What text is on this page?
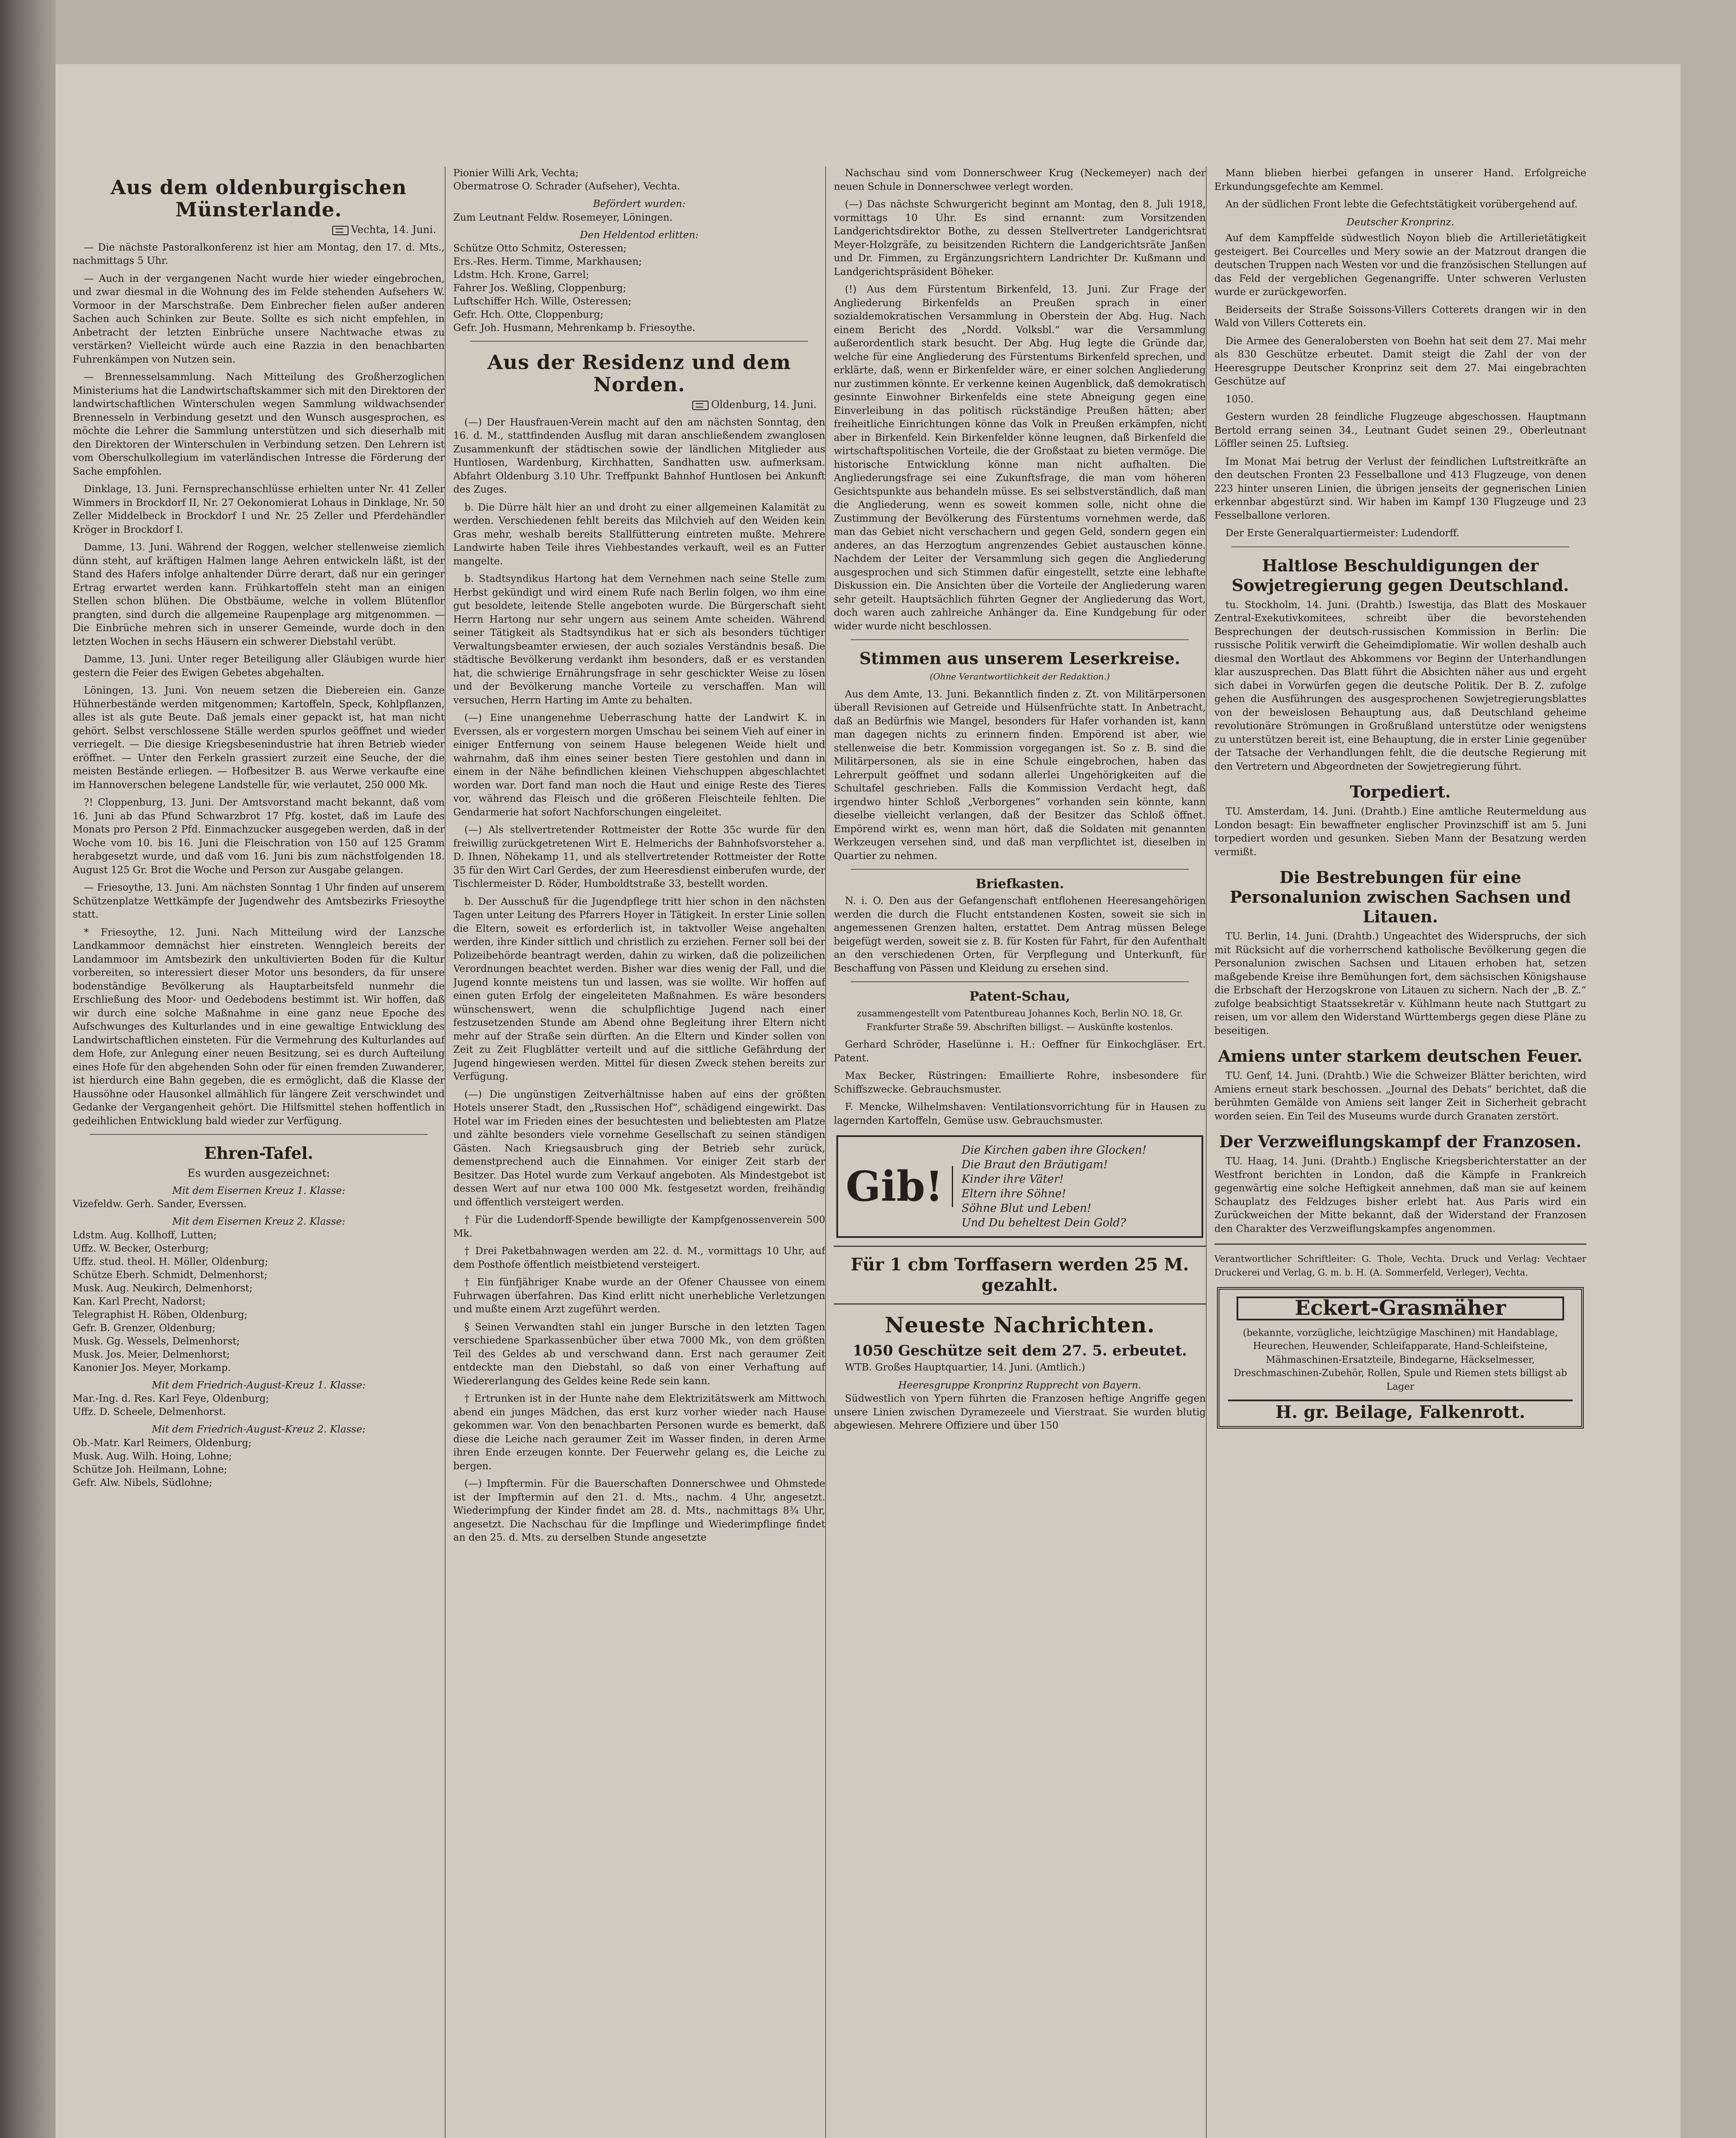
Aus dem oldenburgischen Münsterlande.
Vechta, 14. Juni.

— Die nächste Pastoralkonferenz ist hier am Montag, den 17. d. Mts., nachmittags 5 Uhr.

— Auch in der vergangenen Nacht wurde hier wieder eingebrochen, und zwar diesmal in die Wohnung des im Felde stehenden Aufsehers W. Vormoor in der Marschstraße. Dem Einbrecher fielen außer anderen Sachen auch Schinken zur Beute. Sollte es sich nicht empfehlen, in Anbetracht der letzten Einbrüche unsere Nachtwache etwas zu verstärken? Vielleicht würde auch eine Razzia in den benachbarten Fuhrenkämpen von Nutzen sein.

— Brennesselsammlung. Nach Mitteilung des Großherzoglichen Ministeriums hat die Landwirtschaftskammer sich mit den Direktoren der landwirtschaftlichen Winterschulen wegen Sammlung wildwachsender Brennesseln in Verbindung gesetzt und den Wunsch ausgesprochen, es möchte die Lehrer die Sammlung unterstützen und sich dieserhalb mit den Direktoren der Winterschulen in Verbindung setzen. Den Lehrern ist vom Oberschulkollegium im vaterländischen Intresse die Förderung der Sache empfohlen.

Dinklage, 13. Juni. Fernsprechanschlüsse erhielten unter Nr. 41 Zeller Wimmers in Brockdorf II, Nr. 27 Oekonomierat Lohaus in Dinklage, Nr. 50 Zeller Middelbeck in Brockdorf I und Nr. 25 Zeller und Pferdehändler Kröger in Brockdorf I.

Damme, 13. Juni. Während der Roggen, welcher stellenweise ziemlich dünn steht, auf kräftigen Halmen lange Aehren entwickeln läßt, ist der Stand des Hafers infolge anhaltender Dürre derart, daß nur ein geringer Ertrag erwartet werden kann. Frühkartoffeln steht man an einigen Stellen schon blühen. Die Obstbäume, welche in vollem Blütenflor prangten, sind durch die allgemeine Raupenplage arg mitgenommen. — Die Einbrüche mehren sich in unserer Gemeinde, wurde doch in den letzten Wochen in sechs Häusern ein schwerer Diebstahl verübt.

Damme, 13. Juni. Unter reger Beteiligung aller Gläubigen wurde hier gestern die Feier des Ewigen Gebetes abgehalten.

Löningen, 13. Juni. Von neuem setzen die Diebereien ein. Ganze Hühnerbestände werden mitgenommen; Kartoffeln, Speck, Kohlpflanzen, alles ist als gute Beute. Daß jemals einer gepackt ist, hat man nicht gehört. Selbst verschlossene Ställe werden spurlos geöffnet und wieder verriegelt. — Die diesige Kriegsbesenindustrie hat ihren Betrieb wieder eröffnet. — Unter den Ferkeln grassiert zurzeit eine Seuche, der die meisten Bestände erliegen. — Hofbesitzer B. aus Werwe verkaufte eine im Hannoverschen belegene Landstelle für, wie verlautet, 250 000 Mk.

?! Cloppenburg, 13. Juni. Der Amtsvorstand macht bekannt, daß vom 16. Juni ab das Pfund Schwarzbrot 17 Pfg. kostet, daß im Laufe des Monats pro Person 2 Pfd. Einmachzucker ausgegeben werden, daß in der Woche vom 10. bis 16. Juni die Fleischration von 150 auf 125 Gramm herabgesetzt wurde, und daß vom 16. Juni bis zum nächstfolgenden 18. August 125 Gr. Brot die Woche und Person zur Ausgabe gelangen.

— Friesoythe, 13. Juni. Am nächsten Sonntag 1 Uhr finden auf unserem Schützenplatze Wettkämpfe der Jugendwehr des Amtsbezirks Friesoythe statt.

* Friesoythe, 12. Juni. Nach Mitteilung wird der Lanzsche Landkammoor demnächst hier einstreten. Wenngleich bereits der Landammoor im Amtsbezirk den unkultivierten Boden für die Kultur vorbereiten, so interessiert dieser Motor uns besonders, da für unsere bodenständige Bevölkerung als Hauptarbeitsfeld nunmehr die Erschließung des Moor- und Oedebodens bestimmt ist. Wir hoffen, daß wir durch eine solche Maßnahme in eine ganz neue Epoche des Aufschwunges des Kulturlandes und in eine gewaltige Entwicklung des Landwirtschaftlichen einsteten. Für die Vermehrung des Kulturlandes auf dem Hofe, zur Anlegung einer neuen Besitzung, sei es durch Aufteilung eines Hofe für den abgehenden Sohn oder für einen fremden Zuwanderer, ist hierdurch eine Bahn gegeben, die es ermöglicht, daß die Klasse der Haussöhne oder Hausonkel allmählich für längere Zeit verschwindet und Gedanke der Vergangenheit gehört. Die Hilfsmittel stehen hoffentlich in gedeihlichen Entwicklung bald wieder zur Verfügung.

Ehren-Tafel.
Es wurden ausgezeichnet:
Mit dem Eisernen Kreuz 1. Klasse:
Vizefeldw. Gerh. Sander, Everssen.
Mit dem Eisernen Kreuz 2. Klasse:
Ldstm. Aug. Kollhoff, Lutten;
Uffz. W. Becker, Osterburg;
Uffz. stud. theol. H. Möller, Oldenburg;
Schütze Eberh. Schmidt, Delmenhorst;
Musk. Aug. Neukirch, Delmenhorst;
Kan. Karl Precht, Nadorst;
Telegraphist H. Röben, Oldenburg;
Gefr. B. Grenzer, Oldenburg;
Musk. Gg. Wessels, Delmenhorst;
Musk. Jos. Meier, Delmenhorst;
Kanonier Jos. Meyer, Morkamp.
Mit dem Friedrich-August-Kreuz 1. Klasse:
Mar.-Ing. d. Res. Karl Feye, Oldenburg;
Uffz. D. Scheele, Delmenhorst.
Mit dem Friedrich-August-Kreuz 2. Klasse:
Ob.-Matr. Karl Reimers, Oldenburg;
Musk. Aug. Wilh. Hoing, Lohne;
Schütze Joh. Heilmann, Lohne;
Gefr. Alw. Nibels, Südlohne;
Pionier Willi Ark, Vechta;
Obermatrose O. Schrader (Aufseher), Vechta.
Befördert wurden:
Zum Leutnant Feldw. Rosemeyer, Löningen.
Den Heldentod erlitten:
Schütze Otto Schmitz, Osteressen;
Ers.-Res. Herm. Timme, Markhausen;
Ldstm. Hch. Krone, Garrel;
Fahrer Jos. Weßling, Cloppenburg;
Luftschiffer Hch. Wille, Osteressen;
Gefr. Hch. Otte, Cloppenburg;
Gefr. Joh. Husmann, Mehrenkamp b. Friesoythe.
Aus der Residenz und dem Norden.
Oldenburg, 14. Juni.

(—) Der Hausfrauen-Verein macht auf den am nächsten Sonntag, den 16. d. M., stattfindenden Ausflug mit daran anschließendem zwanglosen Zusammenkunft der städtischen sowie der ländlichen Mitglieder aus Huntlosen, Wardenburg, Kirchhatten, Sandhatten usw. aufmerksam. Abfahrt Oldenburg 3.10 Uhr. Treffpunkt Bahnhof Huntlosen bei Ankunft des Zuges.

b. Die Dürre hält hier an und droht zu einer allgemeinen Kalamität zu werden. Verschiedenen fehlt bereits das Milchvieh auf den Weiden kein Gras mehr, weshalb bereits Stallfütterung eintreten mußte. Mehrere Landwirte haben Teile ihres Viehbestandes verkauft, weil es an Futter mangelte.

b. Stadtsyndikus Hartong hat dem Vernehmen nach seine Stelle zum Herbst gekündigt und wird einem Rufe nach Berlin folgen, wo ihm eine gut besoldete, leitende Stelle angeboten wurde. Die Bürgerschaft sieht Herrn Hartong nur sehr ungern aus seinem Amte scheiden. Während seiner Tätigkeit als Stadtsyndikus hat er sich als besonders tüchtiger Verwaltungsbeamter erwiesen, der auch soziales Verständnis besaß. Die städtische Bevölkerung verdankt ihm besonders, daß er es verstanden hat, die schwierige Ernährungsfrage in sehr geschickter Weise zu lösen und der Bevölkerung manche Vorteile zu verschaffen. Man will versuchen, Herrn Harting im Amte zu behalten.

(—) Eine unangenehme Ueberraschung hatte der Landwirt K. in Everssen, als er vorgestern morgen Umschau bei seinem Vieh auf einer in einiger Entfernung von seinem Hause belegenen Weide hielt und wahrnahm, daß ihm eines seiner besten Tiere gestohlen und dann in einem in der Nähe befindlichen kleinen Viehschuppen abgeschlachtet worden war. Dort fand man noch die Haut und einige Reste des Tieres vor, während das Fleisch und die größeren Fleischteile fehlten. Die Gendarmerie hat sofort Nachforschungen eingeleitet.

(—) Als stellvertretender Rottmeister der Rotte 35c wurde für den freiwillig zurückgetretenen Wirt E. Helmerichs der Bahnhofsvorsteher a. D. Ihnen, Nöhekamp 11, und als stellvertretender Rottmeister der Rotte 35 für den Wirt Carl Gerdes, der zum Heeresdienst einberufen wurde, der Tischlermeister D. Röder, Humboldtstraße 33, bestellt worden.

b. Der Ausschuß für die Jugendpflege tritt hier schon in den nächsten Tagen unter Leitung des Pfarrers Hoyer in Tätigkeit. In erster Linie sollen die Eltern, soweit es erforderlich ist, in taktvoller Weise angehalten werden, ihre Kinder sittlich und christlich zu erziehen. Ferner soll bei der Polizeibehörde beantragt werden, dahin zu wirken, daß die polizeilichen Verordnungen beachtet werden. Bisher war dies wenig der Fall, und die Jugend konnte meistens tun und lassen, was sie wollte. Wir hoffen auf einen guten Erfolg der eingeleiteten Maßnahmen. Es wäre besonders wünschenswert, wenn die schulpflichtige Jugend nach einer festzusetzenden Stunde am Abend ohne Begleitung ihrer Eltern nicht mehr auf der Straße sein dürften. An die Eltern und Kinder sollen von Zeit zu Zeit Flugblätter verteilt und auf die sittliche Gefährdung der Jugend hingewiesen werden. Mittel für diesen Zweck stehen bereits zur Verfügung.

(—) Die ungünstigen Zeitverhältnisse haben auf eins der größten Hotels unserer Stadt, den „Russischen Hof“, schädigend eingewirkt. Das Hotel war im Frieden eines der besuchtesten und beliebtesten am Platze und zählte besonders viele vornehme Gesellschaft zu seinen ständigen Gästen. Nach Kriegsausbruch ging der Betrieb sehr zurück, demenstprechend auch die Einnahmen. Vor einiger Zeit starb der Besitzer. Das Hotel wurde zum Verkauf angeboten. Als Mindestgebot ist dessen Wert auf nur etwa 100 000 Mk. festgesetzt worden, freihändig und öffentlich versteigert werden.

† Für die Ludendorff-Spende bewilligte der Kampfgenossenverein 500 Mk.

† Drei Paketbahnwagen werden am 22. d. M., vormittags 10 Uhr, auf dem Posthofe öffentlich meistbietend versteigert.

† Ein fünfjähriger Knabe wurde an der Ofener Chaussee von einem Fuhrwagen überfahren. Das Kind erlitt nicht unerhebliche Verletzungen und mußte einem Arzt zugeführt werden.

§ Seinen Verwandten stahl ein junger Bursche in den letzten Tagen verschiedene Sparkassenbücher über etwa 7000 Mk., von dem größten Teil des Geldes ab und verschwand dann. Erst nach geraumer Zeit entdeckte man den Diebstahl, so daß von einer Verhaftung auf Wiedererlangung des Geldes keine Rede sein kann.

† Ertrunken ist in der Hunte nahe dem Elektrizitätswerk am Mittwoch abend ein junges Mädchen, das erst kurz vorher wieder nach Hause gekommen war. Von den benachbarten Personen wurde es bemerkt, daß diese die Leiche nach geraumer Zeit im Wasser finden, in deren Arme ihren Ende erzeugen konnte. Der Feuerwehr gelang es, die Leiche zu bergen.

(—) Impftermin. Für die Bauerschaften Donnerschwee und Ohmstede ist der Impftermin auf den 21. d. Mts., nachm. 4 Uhr, angesetzt. Wiederimpfung der Kinder findet am 28. d. Mts., nachmittags 8¾ Uhr, angesetzt. Die Nachschau für die Impflinge und Wiederimpflinge findet an den 25. d. Mts. zu derselben Stunde angesetzte

Nachschau sind vom Donnerschweer Krug (Neckemeyer) nach der neuen Schule in Donnerschwee verlegt worden.

(—) Das nächste Schwurgericht beginnt am Montag, den 8. Juli 1918, vormittags 10 Uhr. Es sind ernannt: zum Vorsitzenden Landgerichtsdirektor Bothe, zu dessen Stellvertreter Landgerichtsrat Meyer-Holzgräfe, zu beisitzenden Richtern die Landgerichtsräte Janßen und Dr. Fimmen, zu Ergänzungsrichtern Landrichter Dr. Kußmann und Landgerichtspräsident Böheker.

(!) Aus dem Fürstentum Birkenfeld, 13. Juni. Zur Frage der Angliederung Birkenfelds an Preußen sprach in einer sozialdemokratischen Versammlung in Oberstein der Abg. Hug. Nach einem Bericht des „Nordd. Volksbl.“ war die Versammlung außerordentlich stark besucht. Der Abg. Hug legte die Gründe dar, welche für eine Angliederung des Fürstentums Birkenfeld sprechen, und erklärte, daß, wenn er Birkenfelder wäre, er einer solchen Angliederung nur zustimmen könnte. Er verkenne keinen Augenblick, daß demokratisch gesinnte Einwohner Birkenfelds eine stete Abneigung gegen eine Einverleibung in das politisch rückständige Preußen hätten; aber freiheitliche Einrichtungen könne das Volk in Preußen erkämpfen, nicht aber in Birkenfeld. Kein Birkenfelder könne leugnen, daß Birkenfeld die wirtschaftspolitischen Vorteile, die der Großstaat zu bieten vermöge. Die historische Entwicklung könne man nicht aufhalten. Die Angliederungsfrage sei eine Zukunftsfrage, die man vom höheren Gesichtspunkte aus behandeln müsse. Es sei selbstverständlich, daß man die Angliederung, wenn es soweit kommen solle, nicht ohne die Zustimmung der Bevölkerung des Fürstentums vornehmen werde, daß man das Gebiet nicht verschachern und gegen Geld, sondern gegen ein anderes, an das Herzogtum angrenzendes Gebiet austauschen könne. Nachdem der Leiter der Versammlung sich gegen die Angliederung ausgesprochen und sich Stimmen dafür eingestellt, setzte eine lebhafte Diskussion ein. Die Ansichten über die Vorteile der Angliederung waren sehr geteilt. Hauptsächlich führten Gegner der Angliederung das Wort, doch waren auch zahlreiche Anhänger da. Eine Kundgebung für oder wider wurde nicht beschlossen.

Stimmen aus unserem Leserkreise.
(Ohne Verantwortlichkeit der Redaktion.)

Aus dem Amte, 13. Juni. Bekanntlich finden z. Zt. von Militärpersonen überall Revisionen auf Getreide und Hülsenfrüchte statt. In Anbetracht, daß an Bedürfnis wie Mangel, besonders für Hafer vorhanden ist, kann man dagegen nichts zu erinnern finden. Empörend ist aber, wie stellenweise die betr. Kommission vorgegangen ist. So z. B. sind die Militärpersonen, als sie in eine Schule eingebrochen, haben das Lehrerpult geöffnet und sodann allerlei Ungehörigkeiten auf die Schultafel geschrieben. Falls die Kommission Verdacht hegt, daß irgendwo hinter Schloß „Verborgenes“ vorhanden sein könnte, kann dieselbe vielleicht verlangen, daß der Besitzer das Schloß öffnet. Empörend wirkt es, wenn man hört, daß die Soldaten mit genannten Werkzeugen versehen sind, und daß man verpflichtet ist, dieselben in Quartier zu nehmen.

Briefkasten.

N. i. O. Den aus der Gefangenschaft entflohenen Heeresangehörigen werden die durch die Flucht entstandenen Kosten, soweit sie sich in angemessenen Grenzen halten, erstattet. Dem Antrag müssen Belege beigefügt werden, soweit sie z. B. für Kosten für Fahrt, für den Aufenthalt an den verschiedenen Orten, für Verpflegung und Unterkunft, für Beschaffung von Pässen und Kleidung zu ersehen sind.

Patent-Schau,

zusammengestellt vom Patentbureau Johannes Koch, Berlin NO. 18, Gr. Frankfurter Straße 59. Abschriften billigst. — Auskünfte kostenlos.

Gerhard Schröder, Haselünne i. H.: Oeffner für Einkochgläser. Ert. Patent.

Max Becker, Rüstringen: Emaillierte Rohre, insbesondere für Schiffszwecke. Gebrauchsmuster.

F. Mencke, Wilhelmshaven: Ventilationsvorrichtung für in Hausen zu lagernden Kartoffeln, Gemüse usw. Gebrauchsmuster.

Gib!
Die Kirchen gaben ihre Glocken!
Die Braut den Bräutigam!
Kinder ihre Väter!
Eltern ihre Söhne!
Söhne Blut und Leben!
Und Du beheltest Dein Gold?
Für 1 cbm Torffasern werden 25 M. gezahlt.
Neueste Nachrichten.
1050 Geschütze seit dem 27. 5. erbeutet.

WTB. Großes Hauptquartier, 14. Juni. (Amtlich.)

Heeresgruppe Kronprinz Rupprecht von Bayern.

Südwestlich von Ypern führten die Franzosen heftige Angriffe gegen unsere Linien zwischen Dyramezeele und Vierstraat. Sie wurden blutig abgewiesen. Mehrere Offiziere und über 150

Mann blieben hierbei gefangen in unserer Hand. Erfolgreiche Erkundungsgefechte am Kemmel.

An der südlichen Front lebte die Gefechtstätigkeit vorübergehend auf.

Deutscher Kronprinz.

Auf dem Kampffelde südwestlich Noyon blieb die Artillerietätigkeit gesteigert. Bei Courcelles und Mery sowie an der Matzrout drangen die deutschen Truppen nach Westen vor und die französischen Stellungen auf das Feld der vergeblichen Gegenangriffe. Unter schweren Verlusten wurde er zurückgeworfen.

Beiderseits der Straße Soissons-Villers Cotterets drangen wir in den Wald von Villers Cotterets ein.

Die Armee des Generalobersten von Boehn hat seit dem 27. Mai mehr als 830 Geschütze erbeutet. Damit steigt die Zahl der von der Heeresgruppe Deutscher Kronprinz seit dem 27. Mai eingebrachten Geschütze auf

1050.

Gestern wurden 28 feindliche Flugzeuge abgeschossen. Hauptmann Bertold errang seinen 34., Leutnant Gudet seinen 29., Oberleutnant Löffler seinen 25. Luftsieg.

Im Monat Mai betrug der Verlust der feindlichen Luftstreitkräfte an den deutschen Fronten 23 Fesselballone und 413 Flugzeuge, von denen 223 hinter unseren Linien, die übrigen jenseits der gegnerischen Linien erkennbar abgestürzt sind. Wir haben im Kampf 130 Flugzeuge und 23 Fesselballone verloren.

Der Erste Generalquartiermeister: Ludendorff.

Haltlose Beschuldigungen der Sowjetregierung gegen Deutschland.

tu. Stockholm, 14. Juni. (Drahtb.) Iswestija, das Blatt des Moskauer Zentral-Exekutivkomitees, schreibt über die bevorstehenden Besprechungen der deutsch-russischen Kommission in Berlin: Die russische Politik verwirft die Geheimdiplomatie. Wir wollen deshalb auch diesmal den Wortlaut des Abkommens vor Beginn der Unterhandlungen klar auszusprechen. Das Blatt führt die Absichten näher aus und ergeht sich dabei in Vorwürfen gegen die deutsche Politik. Der B. Z. zufolge gehen die Ausführungen des ausgesprochenen Sowjetregierungsblattes von der beweislosen Behauptung aus, daß Deutschland geheime revolutionäre Strömungen in Großrußland unterstütze oder wenigstens zu unterstützen bereit ist, eine Behauptung, die in erster Linie gegenüber der Tatsache der Verhandlungen fehlt, die die deutsche Regierung mit den Vertretern und Abgeordneten der Sowjetregierung führt.

Torpediert.

TU. Amsterdam, 14. Juni. (Drahtb.) Eine amtliche Reutermeldung aus London besagt: Ein bewaffneter englischer Provinzschiff ist am 5. Juni torpediert worden und gesunken. Sieben Mann der Besatzung werden vermißt.

Die Bestrebungen für eine Personalunion zwischen Sachsen und Litauen.

TU. Berlin, 14. Juni. (Drahtb.) Ungeachtet des Widerspruchs, der sich mit Rücksicht auf die vorherrschend katholische Bevölkerung gegen die Personalunion zwischen Sachsen und Litauen erhoben hat, setzen maßgebende Kreise ihre Bemühungen fort, dem sächsischen Königshause die Erbschaft der Herzogskrone von Litauen zu sichern. Nach der „B. Z.“ zufolge beabsichtigt Staatssekretär v. Kühlmann heute nach Stuttgart zu reisen, um vor allem den Widerstand Württembergs gegen diese Pläne zu beseitigen.

Amiens unter starkem deutschen Feuer.

TU. Genf, 14. Juni. (Drahtb.) Wie die Schweizer Blätter berichten, wird Amiens erneut stark beschossen. „Journal des Debats“ berichtet, daß die berühmten Gemälde von Amiens seit langer Zeit in Sicherheit gebracht worden seien. Ein Teil des Museums wurde durch Granaten zerstört.

Der Verzweiflungskampf der Franzosen.

TU. Haag, 14. Juni. (Drahtb.) Englische Kriegsberichterstatter an der Westfront berichten in London, daß die Kämpfe in Frankreich gegenwärtig eine solche Heftigkeit annehmen, daß man sie auf keinem Schauplatz des Feldzuges bisher erlebt hat. Aus Paris wird ein Zurückweichen der Mitte bekannt, daß der Widerstand der Franzosen den Charakter des Verzweiflungskampfes angenommen.

Verantwortlicher Schriftleiter: G. Thole, Vechta. Druck und Verlag: Vechtaer Druckerei und Verlag, G. m. b. H. (A. Sommerfeld, Verleger), Vechta.

Eckert-Grasmäher

(bekannte, vorzügliche, leichtzügige Maschinen) mit Handablage, Heurechen, Heuwender, Schleifapparate, Hand-Schleifsteine, Mähmaschinen-Ersatzteile, Bindegarne, Häckselmesser, Dreschmaschinen-Zubehör, Rollen, Spule und Riemen stets billigst ab Lager

H. gr. Beilage, Falkenrott.
